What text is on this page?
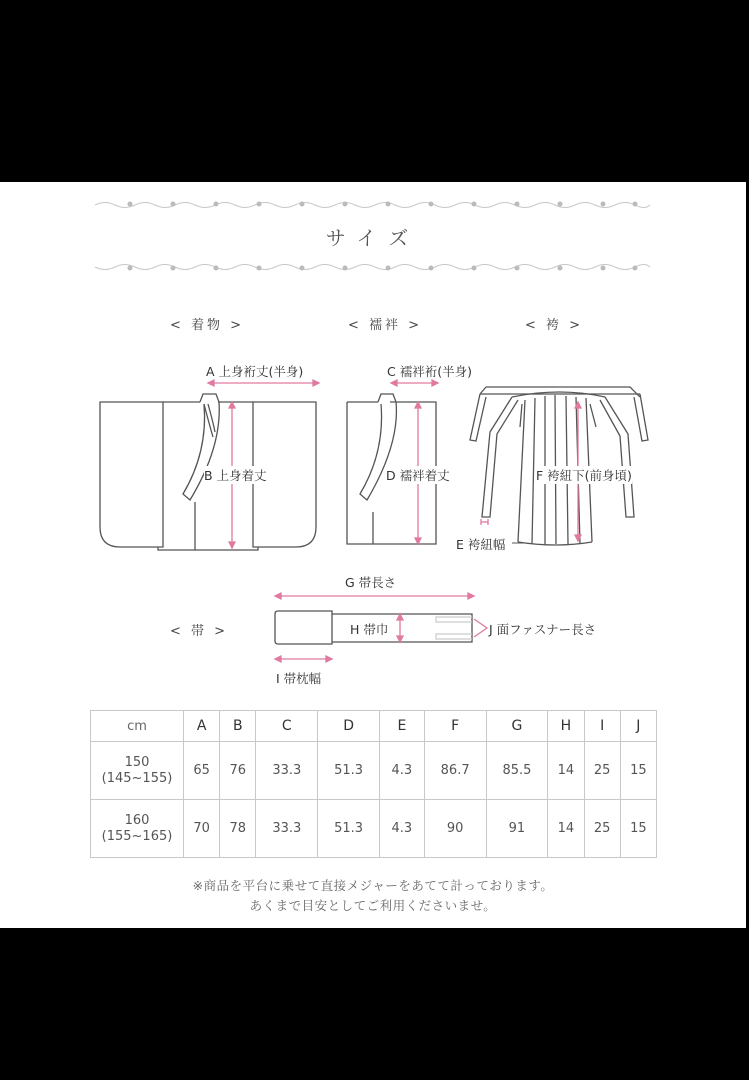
サイズ
< 着物 >	< 襦袢 >	< 袴 >
< 帯 >
A 上身裄丈(半身)
B 上身着丈
C 襦袢裄(半身)
D 襦袢着丈	F 袴紐下(前身頃)
E 袴紐幅
G 帯長さ
H 帯巾	J 面ファスナー長さ
I 帯枕幅
cm	A	B	C	D	E	F	G	H	I	J

150
(145~155)	65	76	33.3	51.3	4.3	86.7	85.5	14	25	15

160
(155~165)	70	78	33.3	51.3	4.3	90	91	14	25	15
※商品を平台に乗せて直接メジャーをあてて計っております。
あくまで目安としてご利用くださいませ。
